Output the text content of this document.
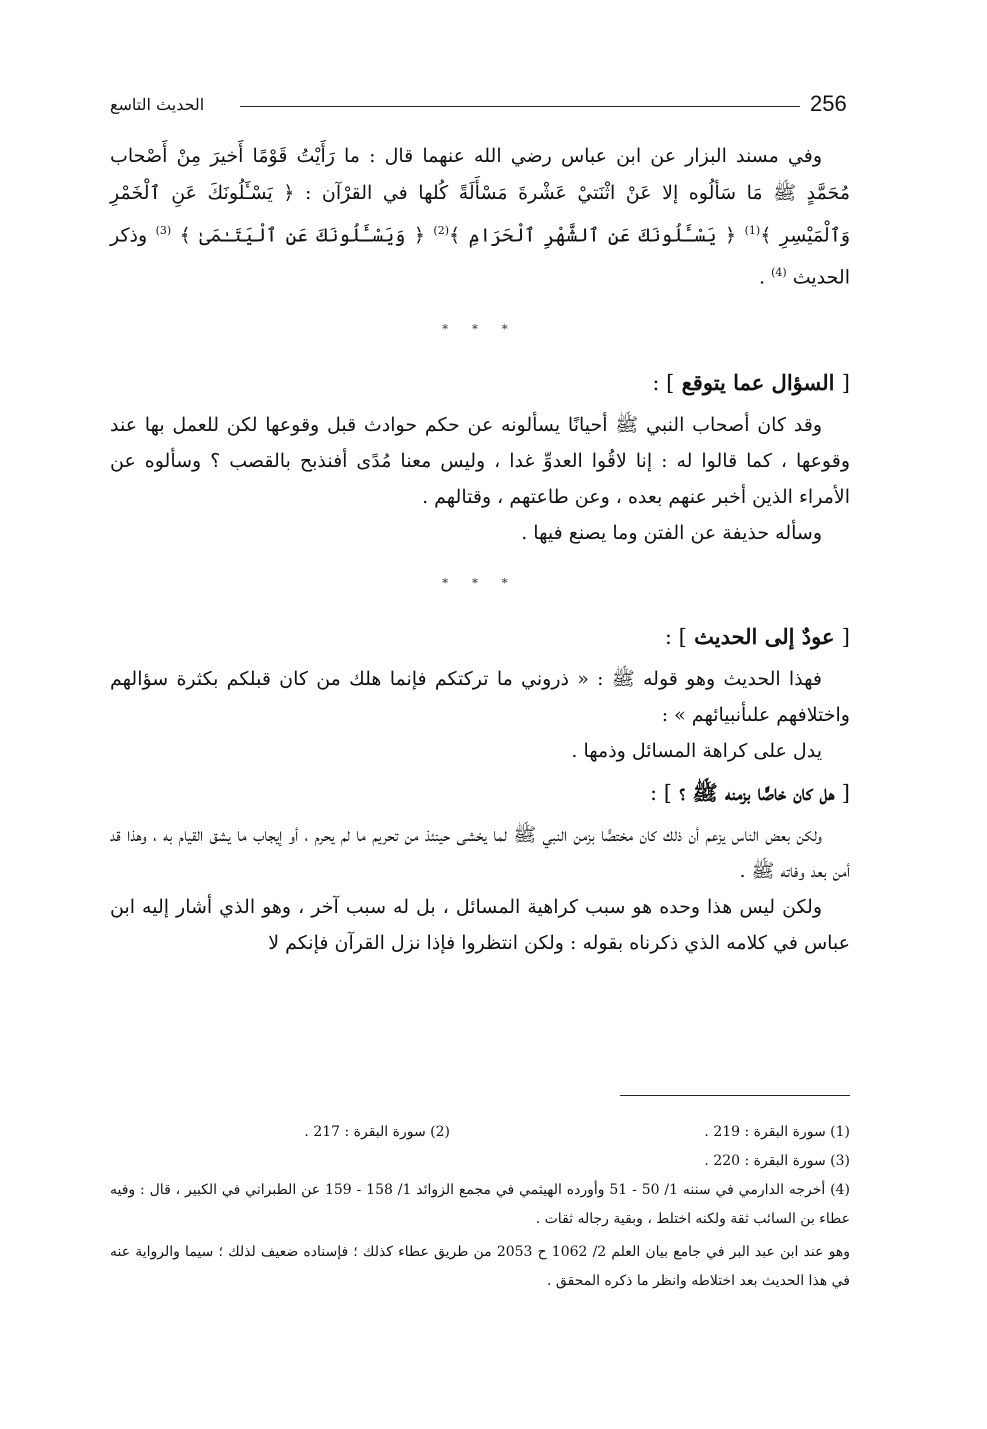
256
الحديث التاسع

وفي مسند البزار عن ابن عباس رضي الله عنهما قال : ما رَأَيْتُ قَوْمًا أَخيرَ مِنْ أَصْحاب مُحَمَّدٍ ﷺ مَا سَألُوه إلا عَنْ اثْنَتيْ عَشْرةَ مَسْأَلَةً كُلها في القرْآن : ﴿ يَسْـَٔلُونَكَ عَنِ ٱلْخَمْرِ وَٱلْمَيْسِرِ ﴾$^{(1)}$ ﴿ يَسْـَٔلُونَكَ عَنِ ٱلشَّهْرِ ٱلْحَرَامِ ﴾$^{(2)}$ ﴿ وَيَسْـَٔلُونَكَ عَنِ ٱلْيَتَـٰمَىٰ ﴾ $^{(3)}$ وذكر الحديث $^{(4)}$ .

* * *
[ السؤال عما يتوقع ] :

وقد كان أصحاب النبي ﷺ أحيانًا يسألونه عن حكم حوادث قبل وقوعها لكن للعمل بها عند وقوعها ، كما قالوا له : إنا لاقُوا العدوِّ غدا ، وليس معنا مُدًى أفنذبح بالقصب ؟ وسألوه عن الأمراء الذين أخبر عنهم بعده ، وعن طاعتهم ، وقتالهم .

وسأله حذيفة عن الفتن وما يصنع فيها .

* * *
[ عودٌ إلى الحديث ] :

فهذا الحديث وهو قوله ﷺ : « ذروني ما تركتكم فإنما هلك من كان قبلكم بكثرة سؤالهم واختلافهم علىأنبيائهم » :

يدل على كراهة المسائل وذمها .

[ هل كان خاصًّا بزمنه ﷺ ؟ ] :

ولكن بعض الناس يزعم أن ذلك كان مختصًّا بزمن النبي ﷺ لما يخشى حينئذ من تحريم ما لم يحرم ، أو إيجاب ما يشق القيام به ، وهذا قد أمن بعد وفاته ﷺ .

ولكن ليس هذا وحده هو سبب كراهية المسائل ، بل له سبب آخر ، وهو الذي أشار إليه ابن عباس في كلامه الذي ذكرناه بقوله : ولكن انتظروا فإذا نزل القرآن فإنكم لا

(1) سورة البقرة : 219 .
(2) سورة البقرة : 217 .

(3) سورة البقرة : 220 .

(4) أخرجه الدارمي في سننه 1/ 50 - 51 وأورده الهيثمي في مجمع الزوائد 1/ 158 - 159 عن الطبراني في الكبير ، قال : وفيه عطاء بن السائب ثقة ولكنه اختلط ، وبقية رجاله ثقات .

وهو عند ابن عبد البر في جامع بيان العلم 2/ 1062 ح 2053 من طريق عطاء كذلك ؛ فإسناده ضعيف لذلك ؛ سيما والرواية عنه في هذا الحديث بعد اختلاطه وانظر ما ذكره المحقق .
